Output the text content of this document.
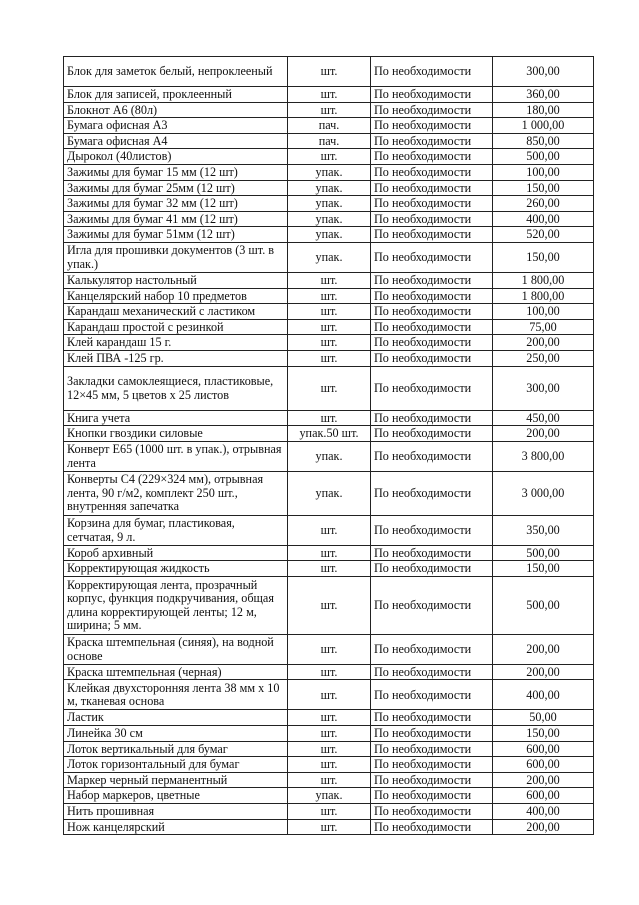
Блок для заметок белый, непроклееный	шт.	По необходимости	300,00
Блок для записей, проклеенный	шт.	По необходимости	360,00
Блокнот А6 (80л)	шт.	По необходимости	180,00
Бумага офисная А3	пач.	По необходимости	1 000,00
Бумага офисная А4	пач.	По необходимости	850,00
Дырокол (40листов)	шт.	По необходимости	500,00
Зажимы для бумаг 15 мм (12 шт)	упак.	По необходимости	100,00
Зажимы для бумаг 25мм (12 шт)	упак.	По необходимости	150,00
Зажимы для бумаг 32 мм (12 шт)	упак.	По необходимости	260,00
Зажимы для бумаг 41 мм (12 шт)	упак.	По необходимости	400,00
Зажимы для бумаг 51мм (12 шт)	упак.	По необходимости	520,00
Игла для прошивки документов (3 шт. в упак.)	упак.	По необходимости	150,00
Калькулятор настольный	шт.	По необходимости	1 800,00
Канцелярский набор 10 предметов	шт.	По необходимости	1 800,00
Карандаш механический с ластиком	шт.	По необходимости	100,00
Карандаш простой с резинкой	шт.	По необходимости	75,00
Клей карандаш 15 г.	шт.	По необходимости	200,00
Клей ПВА -125 гр.	шт.	По необходимости	250,00
Закладки самоклеящиеся, пластиковые, 12×45 мм, 5 цветов х 25 листов	шт.	По необходимости	300,00
Книга учета	шт.	По необходимости	450,00
Кнопки гвоздики силовые	упак.50 шт.	По необходимости	200,00
Конверт Е65 (1000 шт. в упак.), отрывная лента	упак.	По необходимости	3 800,00
Конверты С4 (229×324 мм), отрывная лента, 90 г/м2, комплект 250 шт., внутренняя запечатка	упак.	По необходимости	3 000,00
Корзина для бумаг, пластиковая, сетчатая, 9 л.	шт.	По необходимости	350,00
Короб архивный	шт.	По необходимости	500,00
Корректирующая жидкость	шт.	По необходимости	150,00
Корректирующая лента, прозрачный корпус, функция подкручивания, общая длина корректирующей ленты; 12 м, ширина; 5 мм.	шт.	По необходимости	500,00
Краска штемпельная (синяя), на водной основе	шт.	По необходимости	200,00
Краска штемпельная (черная)	шт.	По необходимости	200,00
Клейкая двухсторонняя лента 38 мм х 10 м, тканевая основа	шт.	По необходимости	400,00
Ластик	шт.	По необходимости	50,00
Линейка 30 см	шт.	По необходимости	150,00
Лоток вертикальный для бумаг	шт.	По необходимости	600,00
Лоток горизонтальный для бумаг	шт.	По необходимости	600,00
Маркер черный перманентный	шт.	По необходимости	200,00
Набор маркеров, цветные	упак.	По необходимости	600,00
Нить прошивная	шт.	По необходимости	400,00
Нож канцелярский	шт.	По необходимости	200,00
